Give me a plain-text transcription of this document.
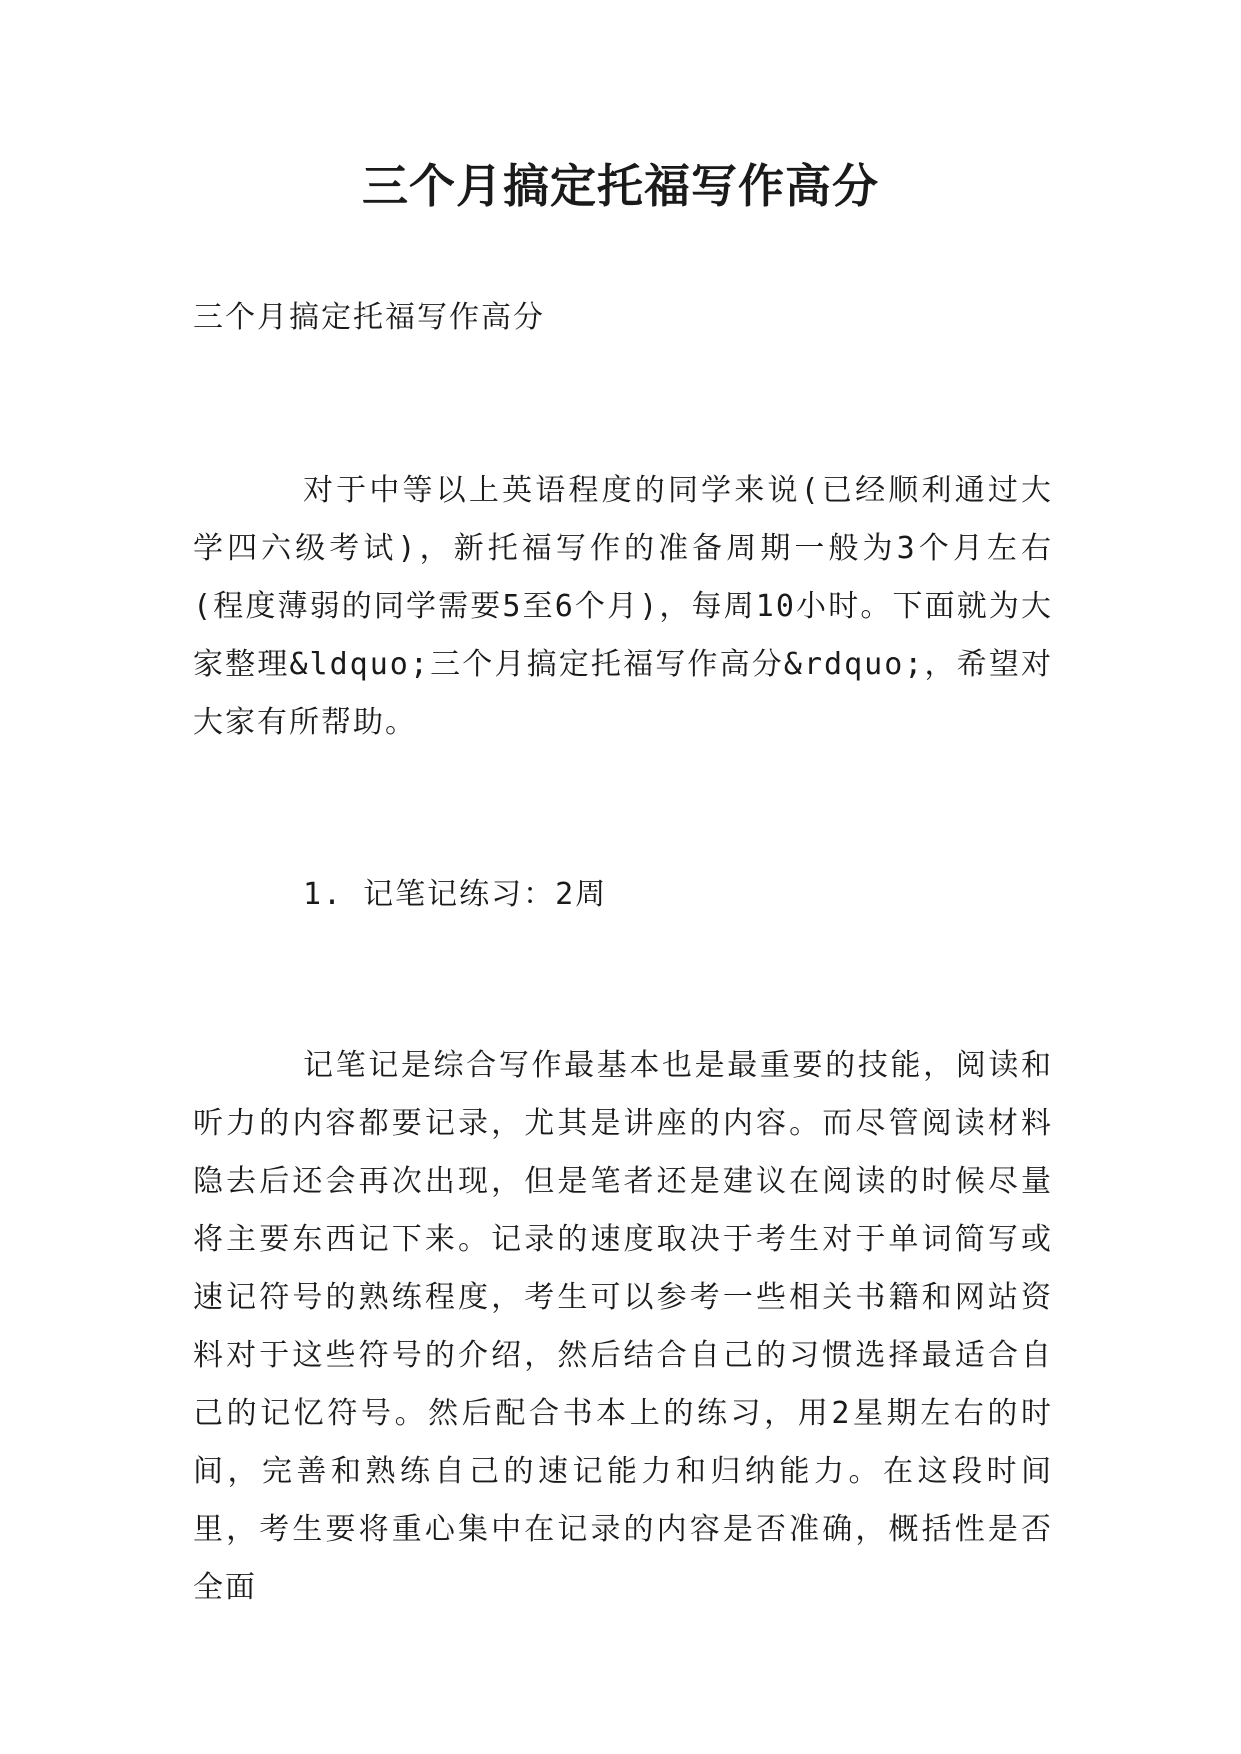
三个月搞定托福写作高分

三个月搞定托福写作高分

对于中等以上英语程度的同学来说(已经顺利通过大学四六级考试)，新托福写作的准备周期一般为3个月左右(程度薄弱的同学需要5至6个月)，每周10小时。下面就为大家整理&ldquo;三个月搞定托福写作高分&rdquo;，希望对大家有所帮助。

1. 记笔记练习：2周

记笔记是综合写作最基本也是最重要的技能，阅读和听力的内容都要记录，尤其是讲座的内容。而尽管阅读材料隐去后还会再次出现，但是笔者还是建议在阅读的时候尽量将主要东西记下来。记录的速度取决于考生对于单词简写或速记符号的熟练程度，考生可以参考一些相关书籍和网站资料对于这些符号的介绍，然后结合自己的习惯选择最适合自己的记忆符号。然后配合书本上的练习，用2星期左右的时间，完善和熟练自己的速记能力和归纳能力。在这段时间里，考生要将重心集中在记录的内容是否准确，概括性是否全面
